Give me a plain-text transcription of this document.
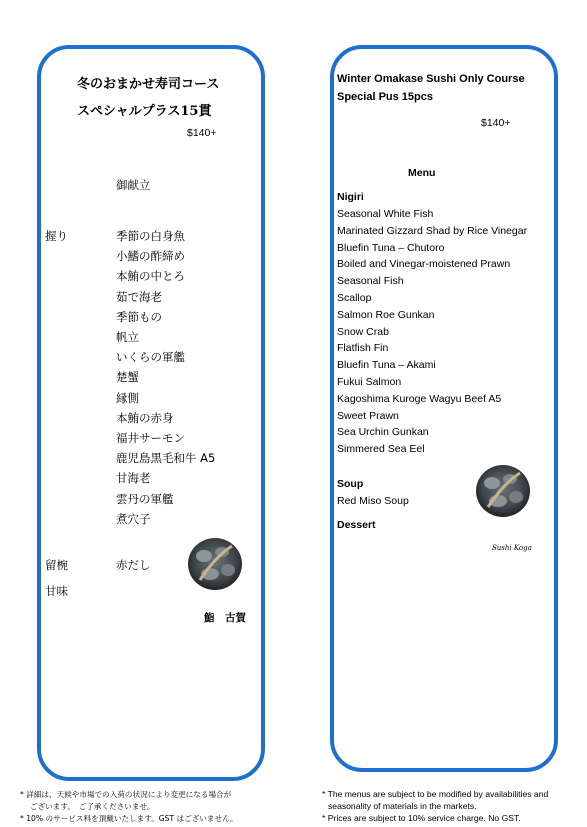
冬のおまかせ寿司コース
スペシャルプラス15貫
$140+
御献立
握り	季節の白身魚
小鰭の酢締め
本鮪の中とろ
茹で海老
季節もの
帆立
いくらの軍艦
楚蟹
縁側
本鮪の赤身
福井サーモン
鹿児島黒毛和牛 A5
甘海老
雲丹の軍艦
煮穴子
留椀	赤だし
甘味
鮨　古賀
Winter Omakase Sushi Only Course
Special Pus 15pcs
$140+
Menu
Nigiri
Seasonal White Fish
Marinated Gizzard Shad by Rice Vinegar
Bluefin Tuna – Chutoro
Boiled and Vinegar-moistened Prawn
Seasonal Fish
Scallop
Salmon Roe Gunkan
Snow Crab
Flatfish Fin
Bluefin Tuna – Akami
Fukui Salmon
Kagoshima Kuroge Wagyu Beef A5
Sweet Prawn
Sea Urchin Gunkan
Simmered Sea Eel
Soup
Red Miso Soup
Dessert
Sushi Koga
* 詳細は、天候や市場での入荷の状況により変更になる場合が
ございます。　ご了承くださいませ。
* 10% のサービス料を頂戴いたします。GST はございません。
* The menus are subject to be modified by availabilities and
seasonality of materials in the markets.
* Prices are subject to 10% service charge. No GST.
